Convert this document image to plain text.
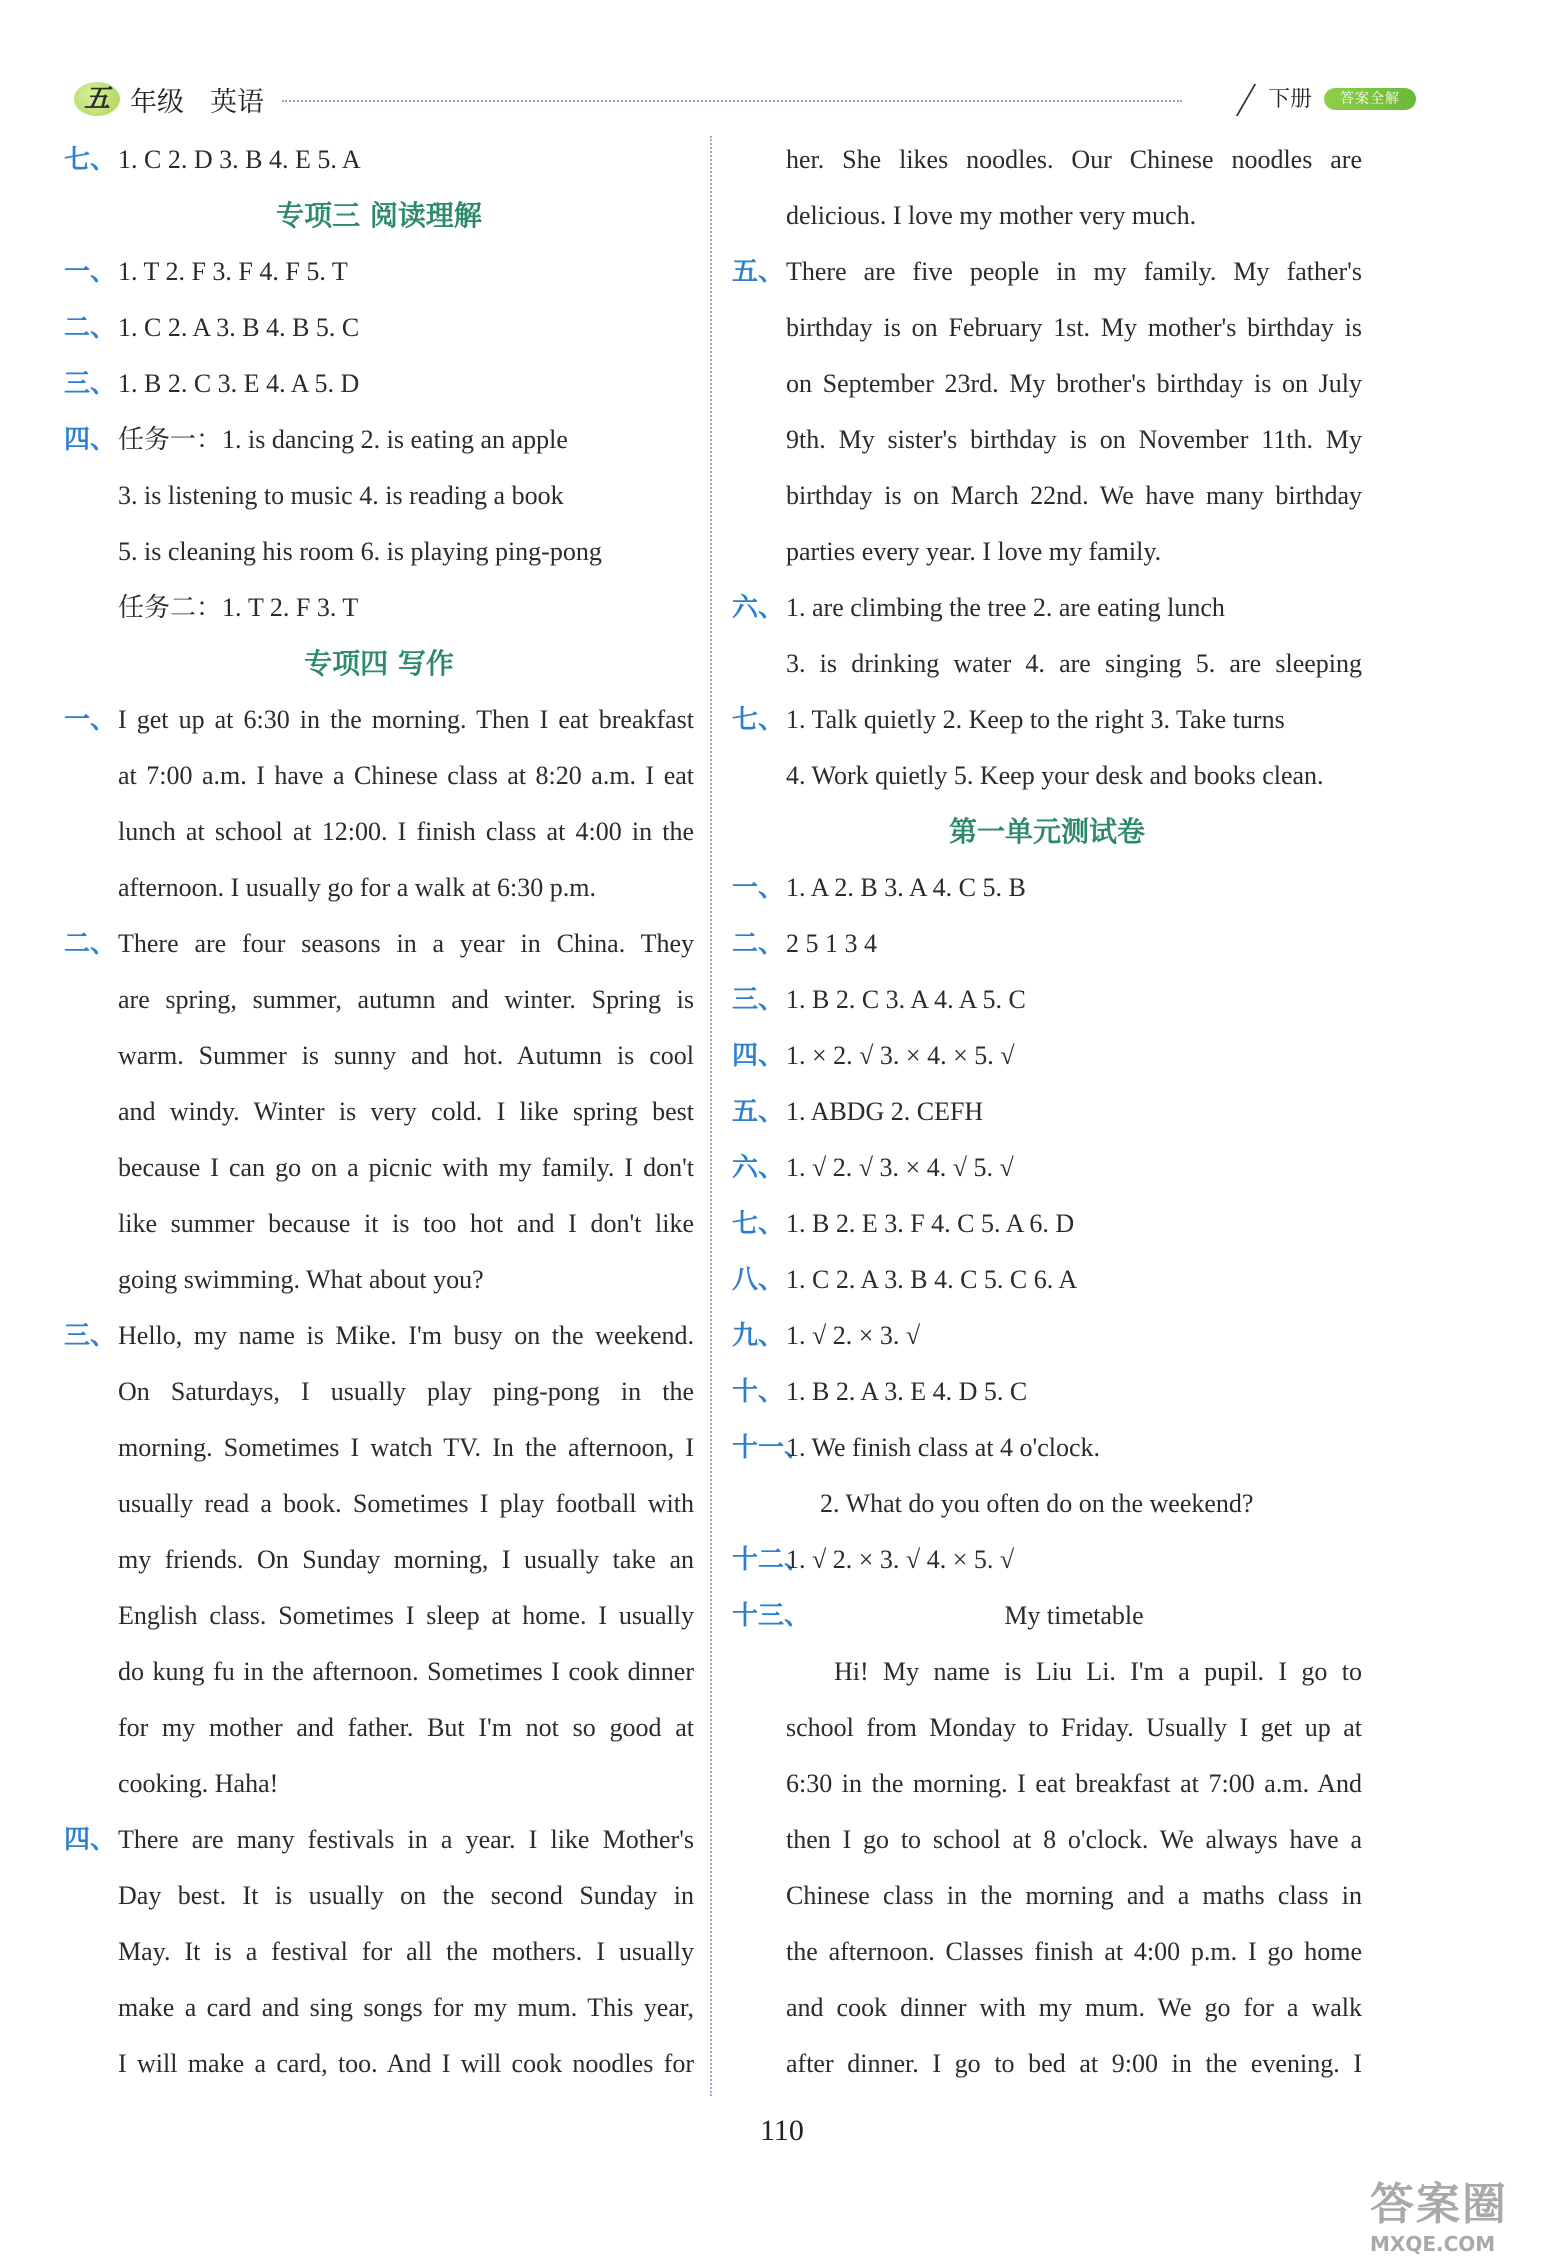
五 年级 英语	下册	答案全解
七、 1. C 2. D 3. B 4. E 5. A
专项三 阅读理解
一、 1. T 2. F 3. F 4. F 5. T
二、 1. C 2. A 3. B 4. B 5. C
三、 1. B 2. C 3. E 4. A 5. D
四、 任务一：1. is dancing 2. is eating an apple
3. is listening to music 4. is reading a book
5. is cleaning his room 6. is playing ping-pong
任务二：1. T 2. F 3. T
专项四 写作
一、 I get up at 6:30 in the morning. Then I eat breakfast
at 7:00 a.m. I have a Chinese class at 8:20 a.m. I eat
lunch at school at 12:00. I finish class at 4:00 in the
afternoon. I usually go for a walk at 6:30 p.m.
二、 There are four seasons in a year in China. They
are spring, summer, autumn and winter. Spring is
warm. Summer is sunny and hot. Autumn is cool
and windy. Winter is very cold. I like spring best
because I can go on a picnic with my family. I don't
like summer because it is too hot and I don't like
going swimming. What about you?
三、 Hello, my name is Mike. I'm busy on the weekend.
On Saturdays, I usually play ping-pong in the
morning. Sometimes I watch TV. In the afternoon, I
usually read a book. Sometimes I play football with
my friends. On Sunday morning, I usually take an
English class. Sometimes I sleep at home. I usually
do kung fu in the afternoon. Sometimes I cook dinner
for my mother and father. But I'm not so good at
cooking. Haha!
四、 There are many festivals in a year. I like Mother's
Day best. It is usually on the second Sunday in
May. It is a festival for all the mothers. I usually
make a card and sing songs for my mum. This year,
I will make a card, too. And I will cook noodles for
her. She likes noodles. Our Chinese noodles are
delicious. I love my mother very much.
五、 There are five people in my family. My father's
birthday is on February 1st. My mother's birthday is
on September 23rd. My brother's birthday is on July
9th. My sister's birthday is on November 11th. My
birthday is on March 22nd. We have many birthday
parties every year. I love my family.
六、 1. are climbing the tree 2. are eating lunch
3. is drinking water 4. are singing 5. are sleeping
七、 1. Talk quietly 2. Keep to the right 3. Take turns
4. Work quietly 5. Keep your desk and books clean.
第一单元测试卷
一、 1. A 2. B 3. A 4. C 5. B
二、 2 5 1 3 4
三、 1. B 2. C 3. A 4. A 5. C
四、 1. × 2. √ 3. × 4. × 5. √
五、 1. ABDG 2. CEFH
六、 1. √ 2. √ 3. × 4. √ 5. √
七、 1. B 2. E 3. F 4. C 5. A 6. D
八、 1. C 2. A 3. B 4. C 5. C 6. A
九、 1. √ 2. × 3. √
十、 1. B 2. A 3. E 4. D 5. C
十一、
1. We finish class at 4 o'clock.
2. What do you often do on the weekend?
十二、
1. √ 2. × 3. √ 4. × 5. √
十三、	My timetable
Hi! My name is Liu Li. I'm a pupil. I go to
school from Monday to Friday. Usually I get up at
6:30 in the morning. I eat breakfast at 7:00 a.m. And
then I go to school at 8 o'clock. We always have a
Chinese class in the morning and a maths class in
the afternoon. Classes finish at 4:00 p.m. I go home
and cook dinner with my mum. We go for a walk
after dinner. I go to bed at 9:00 in the evening. I
110
答案圈
MXQE.COM
